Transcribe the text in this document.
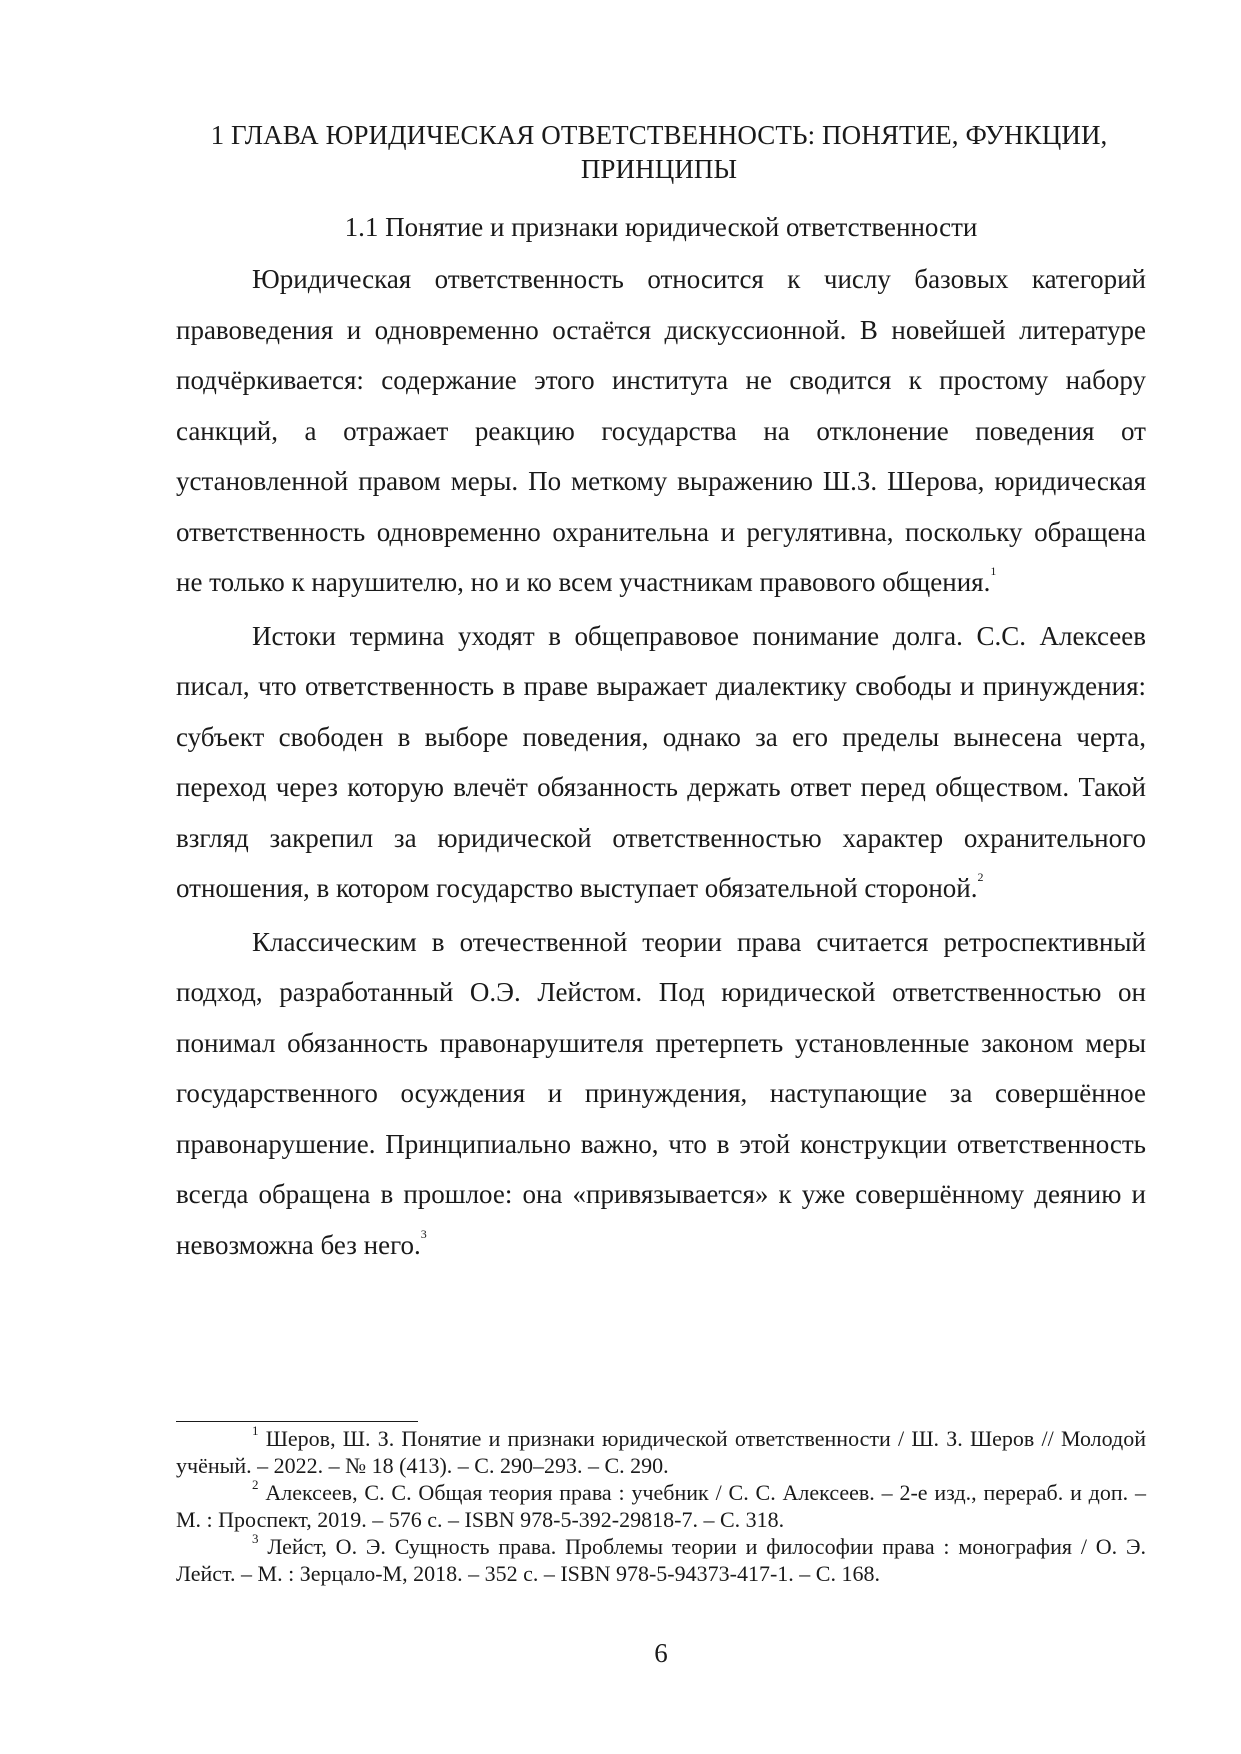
1 ГЛАВА ЮРИДИЧЕСКАЯ ОТВЕТСТВЕННОСТЬ: ПОНЯТИЕ, ФУНКЦИИ, ПРИНЦИПЫ
1.1 Понятие и признаки юридической ответственности

Юридическая ответственность относится к числу базовых категорий правоведения и одновременно остаётся дискуссионной. В новейшей литературе подчёркивается: содержание этого института не сводится к простому набору санкций, а отражает реакцию государства на отклонение поведения от установленной правом меры. По меткому выражению Ш.З. Шерова, юридическая ответственность одновременно охранительна и регулятивна, поскольку обращена не только к нарушителю, но и ко всем участникам правового общения.$^1$

Истоки термина уходят в общеправовое понимание долга. С.С. Алексеев писал, что ответственность в праве выражает диалектику свободы и принуждения: субъект свободен в выборе поведения, однако за его пределы вынесена черта, переход через которую влечёт обязанность держать ответ перед обществом. Такой взгляд закрепил за юридической ответственностью характер охранительного отношения, в котором государство выступает обязательной стороной.$^2$

Классическим в отечественной теории права считается ретроспективный подход, разработанный О.Э. Лейстом. Под юридической ответственностью он понимал обязанность правонарушителя претерпеть установленные законом меры государственного осуждения и принуждения, наступающие за совершённое правонарушение. Принципиально важно, что в этой конструкции ответственность всегда обращена в прошлое: она «привязывается» к уже совершённому деянию и невозможна без него.$^3$

$^1$ Шеров, Ш. З. Понятие и признаки юридической ответственности / Ш. З. Шеров // Молодой учёный. – 2022. – № 18 (413). – С. 290–293. – С. 290.

$^2$ Алексеев, С. С. Общая теория права : учебник / С. С. Алексеев. – 2-е изд., перераб. и доп. – М. : Проспект, 2019. – 576 с. – ISBN 978-5-392-29818-7. – С. 318.

$^3$ Лейст, О. Э. Сущность права. Проблемы теории и философии права : монография / О. Э. Лейст. – М. : Зерцало-М, 2018. – 352 с. – ISBN 978-5-94373-417-1. – С. 168.

6
